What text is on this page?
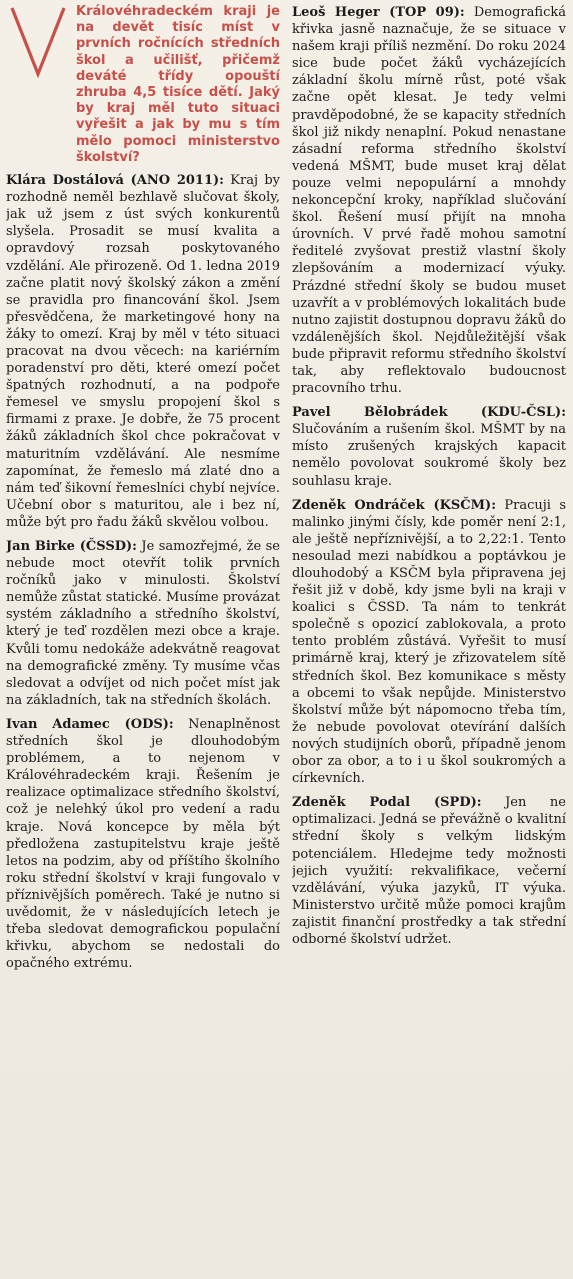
Královéhradeckém kraji je na devět tisíc míst v prvních ročnících středních škol a učilišť, přičemž deváté třídy opouští zhruba 4,5 tisíce dětí. Jaký by kraj měl tuto situaci vyřešit a jak by mu s tím mělo pomoci ministerstvo školství?

Klára Dostálová (ANO 2011): Kraj by rozhodně neměl bezhlavě slučovat školy, jak už jsem z úst svých konkurentů slyšela. Prosadit se musí kvalita a opravdový rozsah poskytovaného vzdělání. Ale přirozeně. Od 1. ledna 2019 začne platit nový školský zákon a změní se pravidla pro financování škol. Jsem přesvědčena, že marketingové hony na žáky to omezí. Kraj by měl v této situaci pracovat na dvou věcech: na kariérním poradenství pro děti, které omezí počet špatných rozhodnutí, a na podpoře řemesel ve smyslu propojení škol s firmami z praxe. Je dobře, že 75 procent žáků základních škol chce pokračovat v maturitním vzdělávání. Ale nesmíme zapomínat, že řemeslo má zlaté dno a nám teď šikovní řemeslníci chybí nejvíce. Učební obor s maturitou, ale i bez ní, může být pro řadu žáků skvělou volbou.

Jan Birke (ČSSD): Je samozřejmé, že se nebude moct otevřít tolik prvních ročníků jako v minulosti. Školství nemůže zůstat statické. Musíme provázat systém základního a středního školství, který je teď rozdělen mezi obce a kraje. Kvůli tomu nedokáže adekvátně reagovat na demografické změny. Ty musíme včas sledovat a odvíjet od nich počet míst jak na základních, tak na středních školách.

Ivan Adamec (ODS): Nenaplněnost středních škol je dlouhodobým problémem, a to nejenom v Královéhradeckém kraji. Řešením je realizace optimalizace středního školství, což je nelehký úkol pro vedení a radu kraje. Nová koncepce by měla být předložena zastupitelstvu kraje ještě letos na podzim, aby od příštího školního roku střední školství v kraji fungovalo v příznivějších poměrech. Také je nutno si uvědomit, že v následujících letech je třeba sledovat demografickou populační křivku, abychom se nedostali do opačného extrému.

Leoš Heger (TOP 09): Demografická křivka jasně naznačuje, že se situace v našem kraji příliš nezmění. Do roku 2024 sice bude počet žáků vycházejících základní školu mírně růst, poté však začne opět klesat. Je tedy velmi pravděpodobné, že se kapacity středních škol již nikdy nenaplní. Pokud nenastane zásadní reforma středního školství vedená MŠMT, bude muset kraj dělat pouze velmi nepopulární a mnohdy nekoncepční kroky, například slučování škol. Řešení musí přijít na mnoha úrovních. V prvé řadě mohou samotní ředitelé zvyšovat prestiž vlastní školy zlepšováním a modernizací výuky. Prázdné střední školy se budou muset uzavřít a v problémových lokalitách bude nutno zajistit dostupnou dopravu žáků do vzdálenějších škol. Nejdůležitější však bude připravit reformu středního školství tak, aby reflektovalo budoucnost pracovního trhu.

Pavel Bělobrádek (KDU-ČSL): Slučováním a rušením škol. MŠMT by na místo zrušených krajských kapacit nemělo povolovat soukromé školy bez souhlasu kraje.

Zdeněk Ondráček (KSČM): Pracuji s malinko jinými čísly, kde poměr není 2:1, ale ještě nepříznivější, a to 2,22:1. Tento nesoulad mezi nabídkou a poptávkou je dlouhodobý a KSČM byla připravena jej řešit již v době, kdy jsme byli na kraji v koalici s ČSSD. Ta nám to tenkrát společně s opozicí zablokovala, a proto tento problém zůstává. Vyřešit to musí primárně kraj, který je zřizovatelem sítě středních škol. Bez komunikace s městy a obcemi to však nepůjde. Ministerstvo školství může být nápomocno třeba tím, že nebude povolovat otevírání dalších nových studijních oborů, případně jenom obor za obor, a to i u škol soukromých a církevních.

Zdeněk Podal (SPD): Jen ne optimalizaci. Jedná se převážně o kvalitní střední školy s velkým lidským potenciálem. Hledejme tedy možnosti jejich využití: rekvalifikace, večerní vzdělávání, výuka jazyků, IT výuka. Ministerstvo určitě může pomoci krajům zajistit finanční prostředky a tak střední odborné školství udržet.
